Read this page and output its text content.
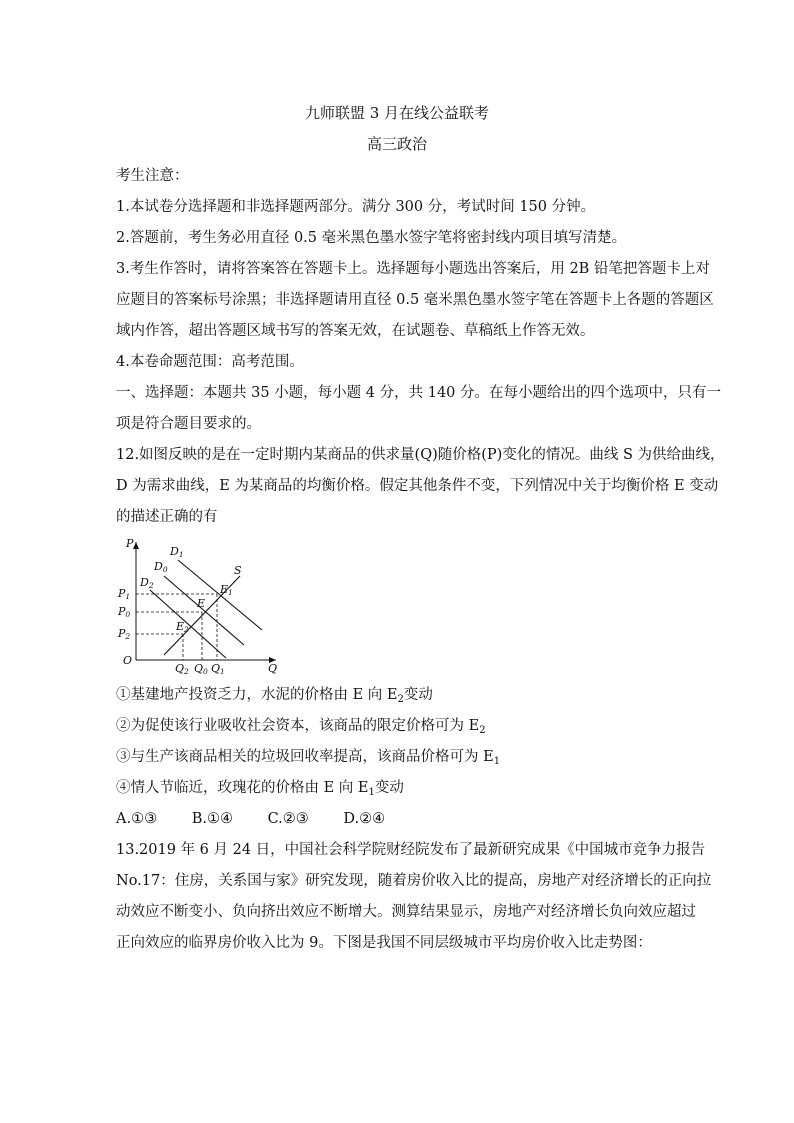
九师联盟 3 月在线公益联考
高三政治
考生注意：
1.本试卷分选择题和非选择题两部分。满分 300 分，考试时间 150 分钟。
2.答题前，考生务必用直径 0.5 毫米黑色墨水签字笔将密封线内项目填写清楚。
3.考生作答时，请将答案答在答题卡上。选择题每小题选出答案后，用 2B 铅笔把答题卡上对
应题目的答案标号涂黑；非选择题请用直径 0.5 毫米黑色墨水签字笔在答题卡上各题的答题区
域内作答，超出答题区域书写的答案无效，在试题卷、草稿纸上作答无效。
4.本卷命题范围：高考范围。
一、选择题：本题共 35 小题，每小题 4 分，共 140 分。在每小题给出的四个选项中，只有一
项是符合题目要求的。
12.如图反映的是在一定时期内某商品的供求量(Q)随价格(P)变化的情况。曲线 S 为供给曲线，
D 为需求曲线，E 为某商品的均衡价格。假定其他条件不变，下列情况中关于均衡价格 E 变动
的描述正确的有
P
Q
O
S
D1
D0
D2
E
E1
E2
P1
P0
P2
Q2 Q0 Q1
①基建地产投资乏力，水泥的价格由 E 向 $E_2$变动
②为促使该行业吸收社会资本，该商品的限定价格可为 $E_2$
③与生产该商品相关的垃圾回收率提高，该商品价格可为 $E_1$
④情人节临近，玫瑰花的价格由 E 向 $E_1$变动
A.①③ B.①④ C.②③ D.②④
13.2019 年 6 月 24 日，中国社会科学院财经院发布了最新研究成果《中国城市竞争力报告
No.17：住房，关系国与家》研究发现，随着房价收入比的提高，房地产对经济增长的正向拉
动效应不断变小、负向挤出效应不断增大。测算结果显示，房地产对经济增长负向效应超过
正向效应的临界房价收入比为 9。下图是我国不同层级城市平均房价收入比走势图：
